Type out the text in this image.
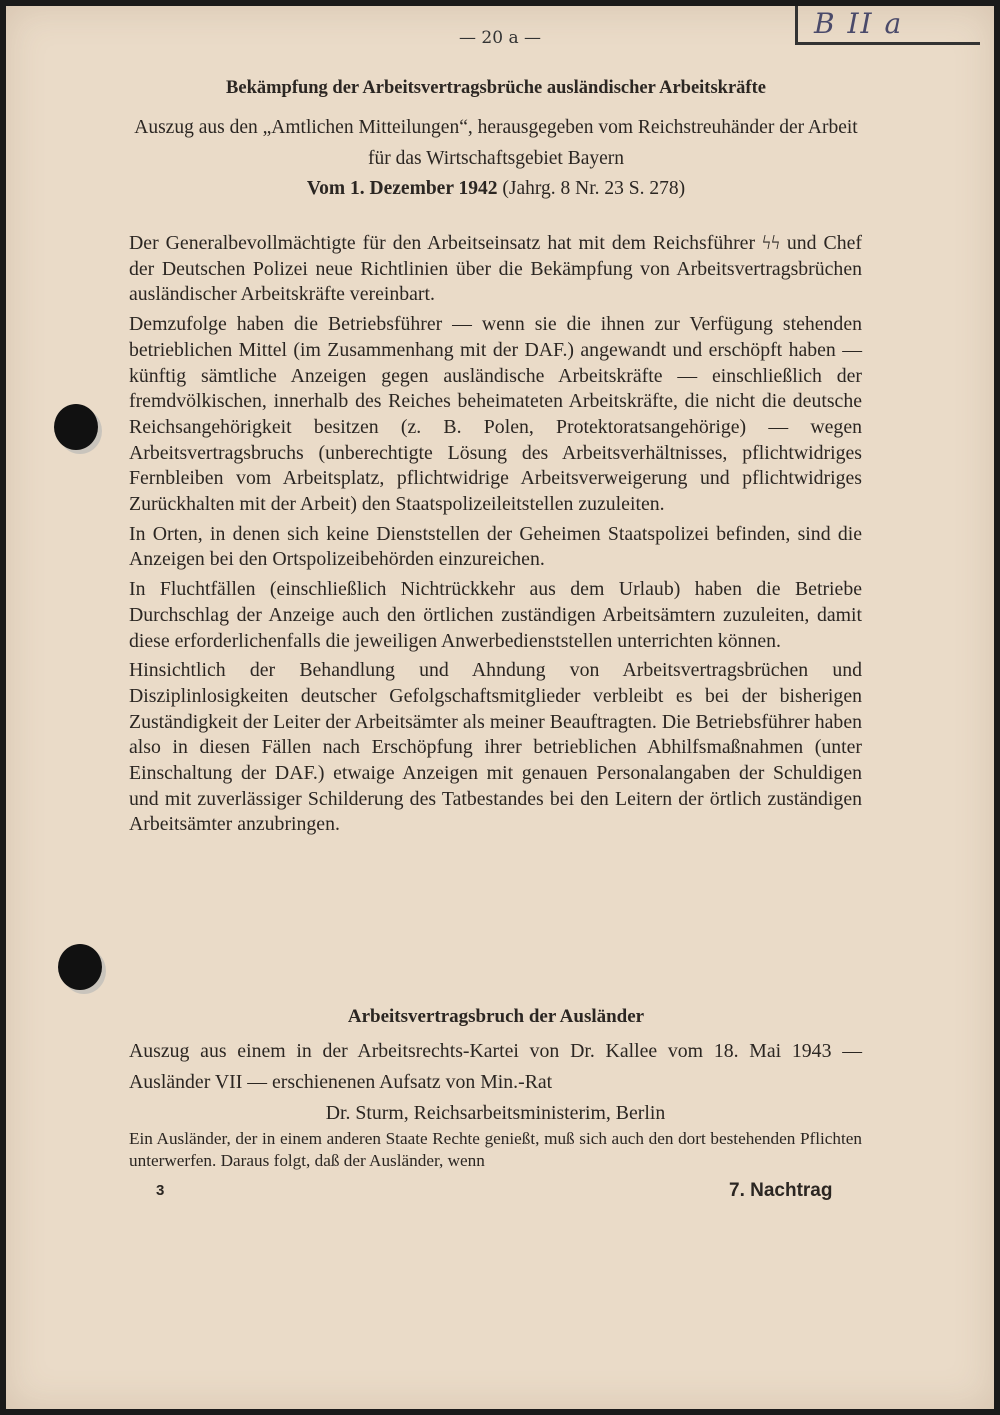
— 20 a —	B II a
Bekämpfung der Arbeitsvertragsbrüche ausländischer Arbeitskräfte
Auszug aus den „Amtlichen Mitteilungen“, herausgegeben vom Reichstreuhänder der Arbeit für das Wirtschaftsgebiet Bayern
Vom 1. Dezember 1942 (Jahrg. 8 Nr. 23 S. 278)

Der Generalbevollmächtigte für den Arbeitseinsatz hat mit dem Reichsführer ϟϟ und Chef der Deutschen Polizei neue Richtlinien über die Bekämpfung von Arbeitsvertragsbrüchen ausländischer Arbeitskräfte vereinbart.

Demzufolge haben die Betriebsführer — wenn sie die ihnen zur Verfügung stehenden betrieblichen Mittel (im Zusammenhang mit der DAF.) angewandt und erschöpft haben — künftig sämtliche Anzeigen gegen ausländische Arbeitskräfte — einschließlich der fremdvölkischen, innerhalb des Reiches beheimateten Arbeitskräfte, die nicht die deutsche Reichsangehörigkeit besitzen (z. B. Polen, Protektoratsangehörige) — wegen Arbeitsvertragsbruchs (unberechtigte Lösung des Arbeitsverhältnisses, pflichtwidriges Fernbleiben vom Arbeitsplatz, pflichtwidrige Arbeitsverweigerung und pflichtwidriges Zurückhalten mit der Arbeit) den Staatspolizeileitstellen zuzuleiten.

In Orten, in denen sich keine Dienststellen der Geheimen Staatspolizei befinden, sind die Anzeigen bei den Ortspolizeibehörden einzureichen.

In Fluchtfällen (einschließlich Nichtrückkehr aus dem Urlaub) haben die Betriebe Durchschlag der Anzeige auch den örtlichen zuständigen Arbeitsämtern zuzuleiten, damit diese erforderlichenfalls die jeweiligen Anwerbedienststellen unterrichten können.

Hinsichtlich der Behandlung und Ahndung von Arbeitsvertragsbrüchen und Disziplinlosigkeiten deutscher Gefolgschaftsmitglieder verbleibt es bei der bisherigen Zuständigkeit der Leiter der Arbeitsämter als meiner Beauftragten. Die Betriebsführer haben also in diesen Fällen nach Erschöpfung ihrer betrieblichen Abhilfsmaßnahmen (unter Einschaltung der DAF.) etwaige Anzeigen mit genauen Personalangaben der Schuldigen und mit zuverlässiger Schilderung des Tatbestandes bei den Leitern der örtlich zuständigen Arbeitsämter anzubringen.

Arbeitsvertragsbruch der Ausländer
Auszug aus einem in der Arbeitsrechts-Kartei von Dr. Kallee vom 18. Mai 1943 — Ausländer VII — erschienenen Aufsatz von Min.-Rat
Dr. Sturm, Reichsarbeitsministerim, Berlin
Ein Ausländer, der in einem anderen Staate Rechte genießt, muß sich auch den dort bestehenden Pflichten unterwerfen. Daraus folgt, daß der Ausländer, wenn
3	7. Nachtrag
